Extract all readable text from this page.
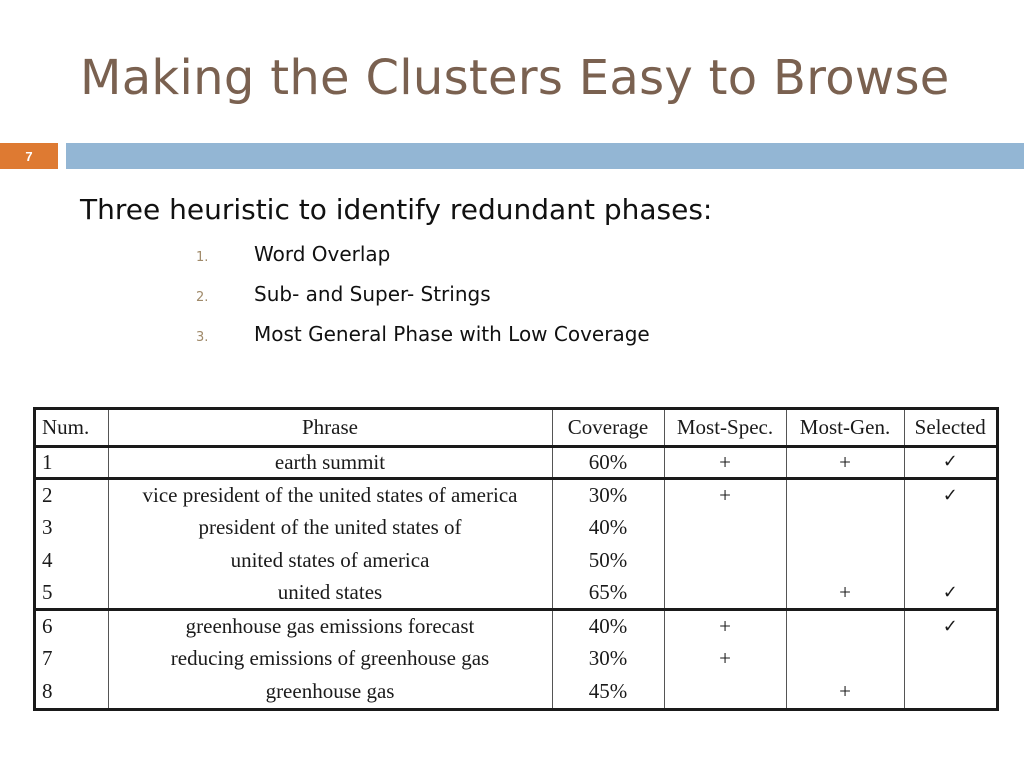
Making the Clusters Easy to Browse
7
Three heuristic to identify redundant phases:
1.	Word Overlap
2.	Sub- and Super- Strings
3.	Most General Phase with Low Coverage
Num.	Phrase	Coverage	Most-Spec.	Most-Gen.	Selected
1	earth summit	60%	+	+	✓
2	vice president of the united states of america	30%	+		✓
3	president of the united states of	40%			
4	united states of america	50%			
5	united states	65%		+	✓
6	greenhouse gas emissions forecast	40%	+		✓
7	reducing emissions of greenhouse gas	30%	+		
8	greenhouse gas	45%		+	
